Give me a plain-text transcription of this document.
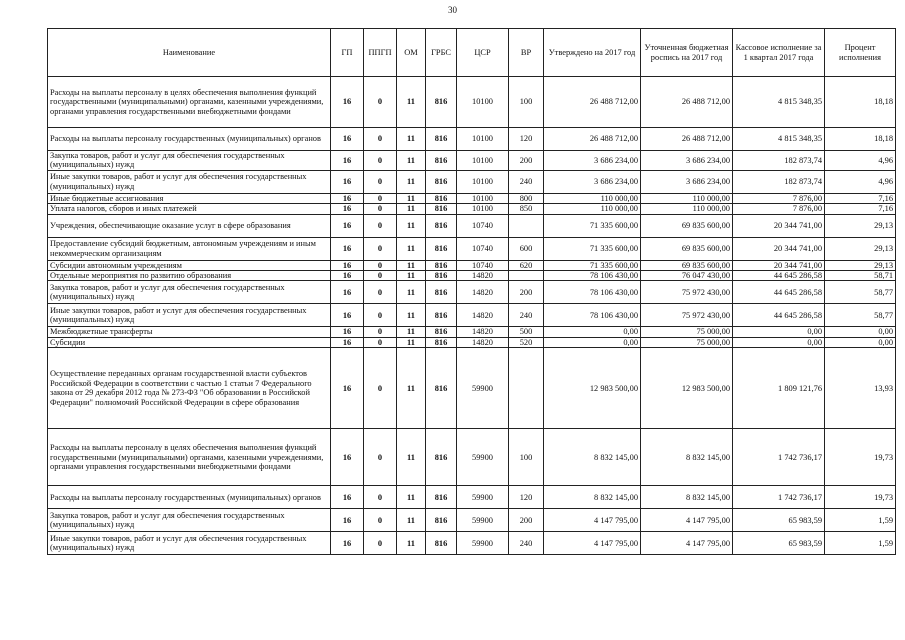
30
Наименование	ГП	ППГП	ОМ	ГРБС	ЦСР	ВР	Утверждено на 2017 год	Уточненная бюджетная роспись на 2017 год	Кассовое исполнение за 1 квартал 2017 года	Процент исполнения
Расходы на выплаты персоналу в целях обеспечения выполнения функций государственными (муниципальными) органами, казенными учреждениями, органами управления государственными внебюджетными фондами	16	0	11	816	10100	100	26 488 712,00	26 488 712,00	4 815 348,35	18,18
Расходы на выплаты персоналу государственных (муниципальных) органов	16	0	11	816	10100	120	26 488 712,00	26 488 712,00	4 815 348,35	18,18
Закупка товаров, работ и услуг для обеспечения государственных (муниципальных) нужд	16	0	11	816	10100	200	3 686 234,00	3 686 234,00	182 873,74	4,96
Иные закупки товаров, работ и услуг для обеспечения государственных (муниципальных) нужд	16	0	11	816	10100	240	3 686 234,00	3 686 234,00	182 873,74	4,96
Иные бюджетные ассигнования	16	0	11	816	10100	800	110 000,00	110 000,00	7 876,00	7,16
Уплата налогов, сборов и иных платежей	16	0	11	816	10100	850	110 000,00	110 000,00	7 876,00	7,16
Учреждения, обеспечивающие оказание услуг в сфере образования	16	0	11	816	10740		71 335 600,00	69 835 600,00	20 344 741,00	29,13
Предоставление субсидий бюджетным, автономным учреждениям и иным некоммерческим организациям	16	0	11	816	10740	600	71 335 600,00	69 835 600,00	20 344 741,00	29,13
Субсидии автономным учреждениям	16	0	11	816	10740	620	71 335 600,00	69 835 600,00	20 344 741,00	29,13
Отдельные мероприятия по развитию образования	16	0	11	816	14820		78 106 430,00	76 047 430,00	44 645 286,58	58,71
Закупка товаров, работ и услуг для обеспечения государственных (муниципальных) нужд	16	0	11	816	14820	200	78 106 430,00	75 972 430,00	44 645 286,58	58,77
Иные закупки товаров, работ и услуг для обеспечения государственных (муниципальных) нужд	16	0	11	816	14820	240	78 106 430,00	75 972 430,00	44 645 286,58	58,77
Межбюджетные трансферты	16	0	11	816	14820	500	0,00	75 000,00	0,00	0,00
Субсидии	16	0	11	816	14820	520	0,00	75 000,00	0,00	0,00
Осуществление переданных органам государственной власти субъектов Российской Федерации в соответствии с частью 1 статьи 7 Федерального закона от 29 декабря 2012 года № 273-ФЗ "Об образовании в Российской Федерации" полномочий Российской Федерации в сфере образования	16	0	11	816	59900		12 983 500,00	12 983 500,00	1 809 121,76	13,93
Расходы на выплаты персоналу в целях обеспечения выполнения функций государственными (муниципальными) органами, казенными учреждениями, органами управления государственными внебюджетными фондами	16	0	11	816	59900	100	8 832 145,00	8 832 145,00	1 742 736,17	19,73
Расходы на выплаты персоналу государственных (муниципальных) органов	16	0	11	816	59900	120	8 832 145,00	8 832 145,00	1 742 736,17	19,73
Закупка товаров, работ и услуг для обеспечения государственных (муниципальных) нужд	16	0	11	816	59900	200	4 147 795,00	4 147 795,00	65 983,59	1,59
Иные закупки товаров, работ и услуг для обеспечения государственных (муниципальных) нужд	16	0	11	816	59900	240	4 147 795,00	4 147 795,00	65 983,59	1,59
